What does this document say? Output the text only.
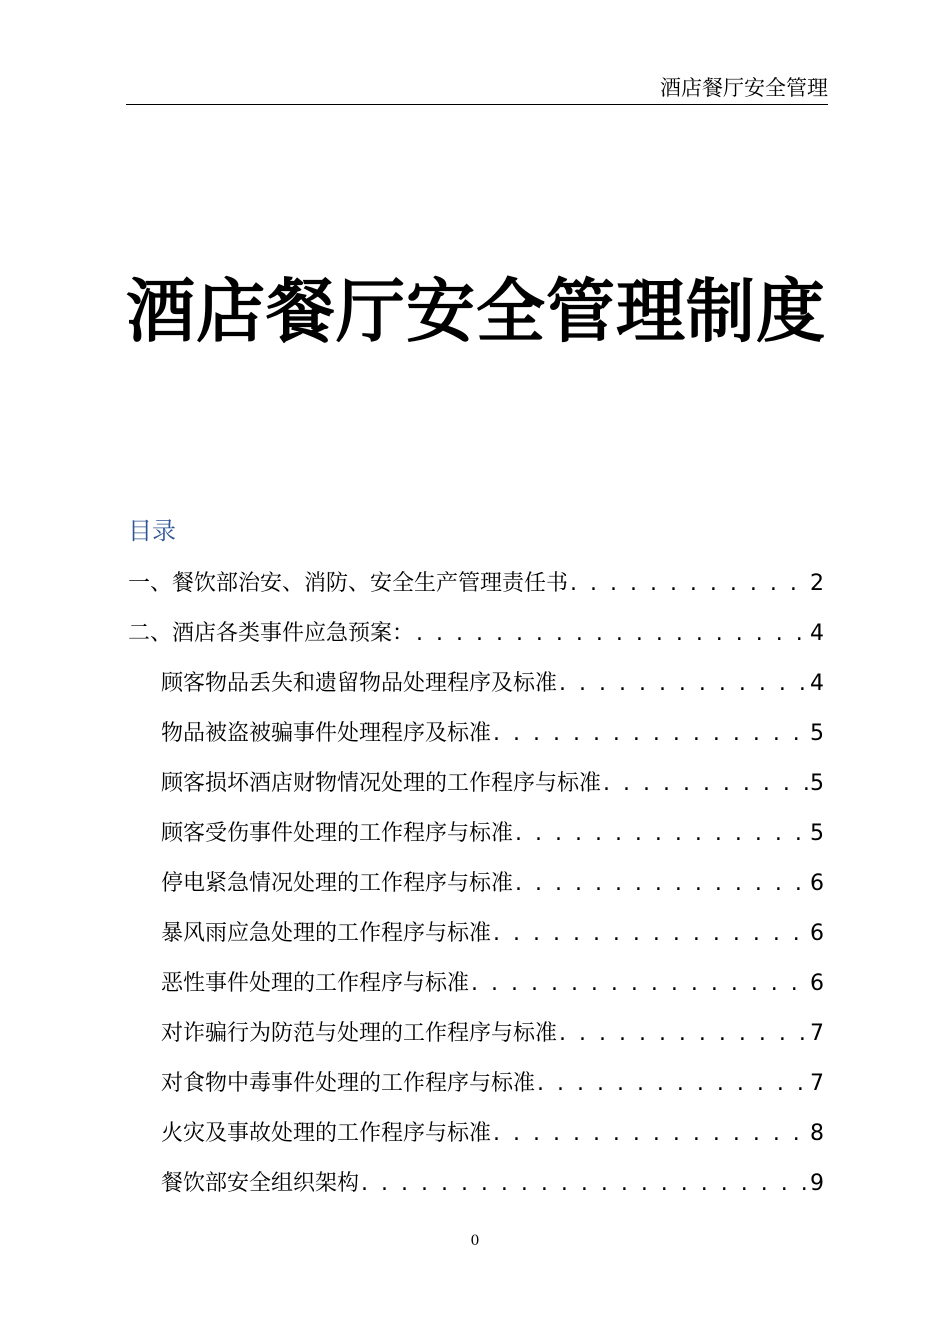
酒店餐厅安全管理
酒店餐厅安全管理制度
目录
一、餐饮部治安、消防、安全生产管理责任书 . . .	2
二、酒店各类事件应急预案： . . .	4
顾客物品丢失和遗留物品处理程序及标准 . . .	4
物品被盗被骗事件处理程序及标准 . . .	5
顾客损坏酒店财物情况处理的工作程序与标准 . . .	5
顾客受伤事件处理的工作程序与标准 . . .	5
停电紧急情况处理的工作程序与标准 . . .	6
暴风雨应急处理的工作程序与标准 . . .	6
恶性事件处理的工作程序与标准 . . .	6
对诈骗行为防范与处理的工作程序与标准 . . .	7
对食物中毒事件处理的工作程序与标准 . . .	7
火灾及事故处理的工作程序与标准 . . .	8
餐饮部安全组织架构 . . .	9
0
